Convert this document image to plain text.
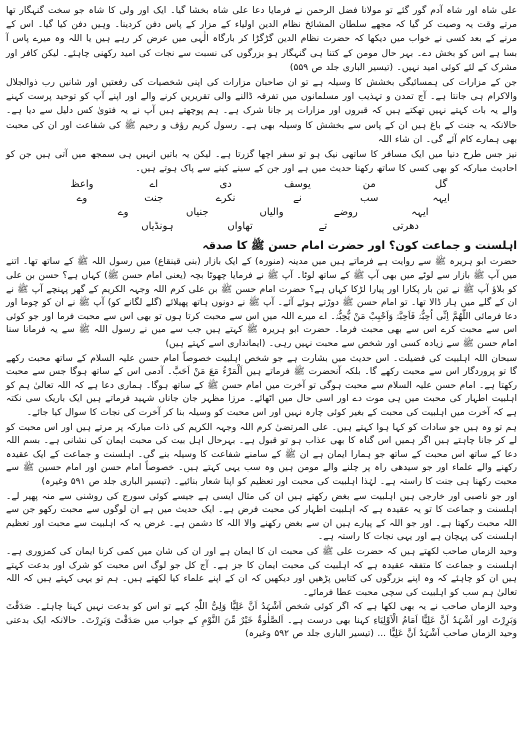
علی شاہ اور شاہ آدم گور گئے تو مولانا فضل الرحمن نے فرمایا دعا علی شاہ بخشا گیا۔ ایک اور ولی کا شاہ جو سخت گنہگار تھا مرتے وقت یہ وصیت کر گیا کہ مجھے سلطان المشائخ نظام الدین اولیاء کے مزار کے پاس دفن کردینا۔ وہیں دفن کیا گیا۔ اس کے مرنے کے بعد کسی نے خواب میں دیکھا کہ حضرت نظام الدین گڑگڑا کر بارگاہ الٰہی میں عرض کر رہے ہیں یا اللہ وہ میرے پاس آ بسا ہے اس کو بخش دے۔ بہر حال مومن کے کتنا ہی گنہگار ہو بزرگوں کی نسبت سے نجات کی امید رکھنی چاہئے۔ لیکن کافر اور مشرک کے لئے کوئی امید نہیں۔ (تیسیر الباری جلد ص ۵۵۹)

جن کے مزارات کی ہمسائیگی بخشش کا وسیلہ ہے تو ان صاحبان مزارات کی اپنی شخصیات کی رفعتیں اور شانیں رب ذوالجلال والاکرام ہی جانتا ہے۔ آج تمدن و تہذیب اور مسلمانوں میں تفرقہ ڈالنے والی تقریریں کرنے والے اور اپنے آپ کو توحید پرست کہنے والے یہ بات کہتے نہیں تھکتے ہیں کہ قبروں اور مزارات پر جانا شرک ہے۔ ہم پوچھتے ہیں آپ نے یہ فتویٰ کس دلیل سے دیا ہے۔ حالانکہ یہ جنت کے باغ ہیں ان کے پاس سے بخشش کا وسیلہ بھی ہے۔ رسول کریم رؤف و رحیم ﷺ کی شفاعت اور ان کی محبت بھی ہمارے کام آئے گی۔ ان شاء اللہ

نیز جس طرح دنیا میں ایک مسافر کا ساتھی نیک ہو تو سفر اچھا گزرتا ہے۔ لیکن یہ باتیں انہیں ہی سمجھ میں آتی ہیں جن کو احادیث مبارکہ کو بھی کسی کا ساتھ رکھنا حدیث میں ہے اور جن کے سینے کینے سے پاک ہوتے ہیں۔

گل
من
یوسف
دی
اے
واعظ
ایہہ
سب
نے
نکرے
جنت
وے
ایہہ
روضے
والیاں
جنیاں
وے
دھرتی
تے
تھاواں
ہونڈیاں
اہلسنت و جماعت کون؟ اور حضرت امام حسن ﷺ کا صدقہ

حضرت ابو ہریرہ ﷺ سے روایت ہے فرماتے ہیں میں مدینہ (منورہ) کے ایک بازار (بنی قینقاع) میں رسول اللہ ﷺ کے ساتھ تھا۔ اتنے میں آپ ﷺ بازار سے لوٹے میں بھی آپ ﷺ کے ساتھ لوٹا۔ آپ ﷺ نے فرمایا چھوٹا بچہ (یعنی امام حسن ﷺ) کہاں ہے؟ حسن بن علی کو بلاؤ آپ ﷺ نے تین بار پکارا اور پیارا لڑکا کہاں ہے؟ حضرت امام حسن ﷺ بن علی کرم اللہ وجہہ الکریم کے گھر پہنچے آپ ﷺ نے ان کے گلے میں ہار ڈالا تھا۔ تو امام حسن ﷺ دوڑتے ہوئے آئے۔ آپ ﷺ نے دونوں ہاتھ پھیلائے (گلے لگانے کو) آپ ﷺ نے ان کو چوما اور دعا فرمائی اللّٰھُمَّ اِنِّی اُحِبُّہٗ فَاَحِبَّہٗ وَاَحْبِبْ مَنْ یُّحِبُّہٗ۔ اے میرے اللہ میں اس سے محبت کرتا ہوں تو بھی اس سے محبت فرما اور جو کوئی اس سے محبت کرے اس سے بھی محبت فرما۔ حضرت ابو ہریرہ ﷺ کہتے ہیں جب سے میں نے رسول اللہ ﷺ سے یہ فرمانا سنا امام حسن ﷺ سے زیادہ کسی اور شخص سے محبت نہیں رہی۔ (ایمانداری اسے کہتے ہیں)

سبحان اللہ اہلبیت کی فضیلت۔ اس حدیث میں بشارت ہے جو شخص اہلبیت خصوصاً امام حسن علیہ السلام کے ساتھ محبت رکھے گا تو پروردگار اس سے محبت رکھے گا۔ بلکہ آنحضرت ﷺ فرماتے ہیں اَلْمَرْءُ مَعَ مَنْ اَحَبَّ۔ آدمی اس کے ساتھ ہوگا جس سے محبت رکھتا ہے۔ امام حسن علیہ السلام سے محبت ہوگی تو آخرت میں امام حسن ﷺ کے ساتھ ہوگا۔ ہماری دعا ہے کہ اللہ تعالیٰ ہم کو اہلبیت اطہار کی محبت میں ہی موت دے اور اسی حال میں اٹھائے۔ مرزا مظہر جان جاناں شہید فرماتے ہیں ایک باریک سی نکتہ ہے کہ آخرت میں اہلبیت کی محبت کے بغیر کوئی چارہ نہیں اور اس محبت کو وسیلہ بنا کر آخرت کی نجات کا سوال کیا جائے۔

ہم تو وہ ہیں جو سادات کو کہا ہوا کہتے ہیں۔ علی المرتضیٰ کرم اللہ وجہہ الکریم کی ذات مبارکہ پر مرتے ہیں اور اس محبت کو لے کر جانا چاہتے ہیں اگر ہمیں اس گناہ کا بھی عذاب ہو تو قبول ہے۔ بہرحال اہل بیت کی محبت ایمان کی نشانی ہے۔ بسم اللہ دعا کے ساتھ اس محبت کے ساتھ جو ہمارا ایمان ہے ان ﷺ کے سامنے شفاعت کا وسیلہ بنے گی۔ اہلسنت و جماعت کے ایک عقیدہ رکھنے والے علماء اور جو سیدھی راہ پر چلنے والے مومن ہیں وہ سب یہی کہتے ہیں۔ خصوصاً امام حسن اور امام حسین ﷺ سے محبت رکھنا ہی جنت کا راستہ ہے۔ لہٰذا اہلبیت کی محبت اور تعظیم کو اپنا شعار بنائیے۔ (تیسیر الباری جلد ص ۵۹۱ وغیرہ)

اور جو ناصبی اور خارجی ہیں اہلبیت سے بغض رکھتے ہیں ان کی مثال ایسی ہے جیسے کوئی سورج کی روشنی سے منہ پھیر لے۔ اہلسنت و جماعت کا تو یہ عقیدہ ہے کہ اہلبیت اطہار کی محبت فرض ہے۔ ایک حدیث میں ہے ان لوگوں سے محبت رکھو جن سے اللہ محبت رکھتا ہے۔ اور جو اللہ کے پیارے ہیں ان سے بغض رکھنے والا اللہ کا دشمن ہے۔ غرض یہ کہ اہلبیت سے محبت اور تعظیم اہلسنت کی پہچان ہے اور یہی نجات کا راستہ ہے۔

وحید الزماں صاحب لکھتے ہیں کہ حضرت علی ﷺ کی محبت ان کا ایمان ہے اور ان کی شان میں کمی کرنا ایمان کی کمزوری ہے۔ اہلسنت و جماعت کا متفقہ عقیدہ ہے کہ اہلبیت کی محبت ایمان کا جز ہے۔ آج کل جو لوگ اس محبت کو شرک اور بدعت کہتے ہیں ان کو چاہئے کہ وہ اپنے بزرگوں کی کتابیں پڑھیں اور دیکھیں کہ ان کے اپنے علماء کیا لکھتے ہیں۔ ہم تو یہی کہتے ہیں کہ اللہ تعالیٰ ہم سب کو اہلبیت کی سچی محبت عطا فرمائے۔

وحید الزماں صاحب نے یہ بھی لکھا ہے کہ اگر کوئی شخص اَشْہَدُ اَنَّ عَلِیًّا وَلِیُّ اللّٰہِ کہے تو اس کو بدعت نہیں کہنا چاہئے۔ صَدَقْتَ وَبَرِرْتَ اور اَشْہَدُ اَنَّ عَلِیًّا اَمَامُ الْاَوْلِیَاءِ کہنا بھی درست ہے۔ اَلصَّلٰوۃُ خَیْرٌ مِّنَ النَّوْمِ کے جواب میں صَدَقْتَ وَبَرِرْتَ۔ حالانکہ ایک بدعتی وحید الزماں صاحب اَشْہَدُ اَنَّ عَلِیًّا ... (تیسیر الباری جلد ص ۵۹۲ وغیرہ)
